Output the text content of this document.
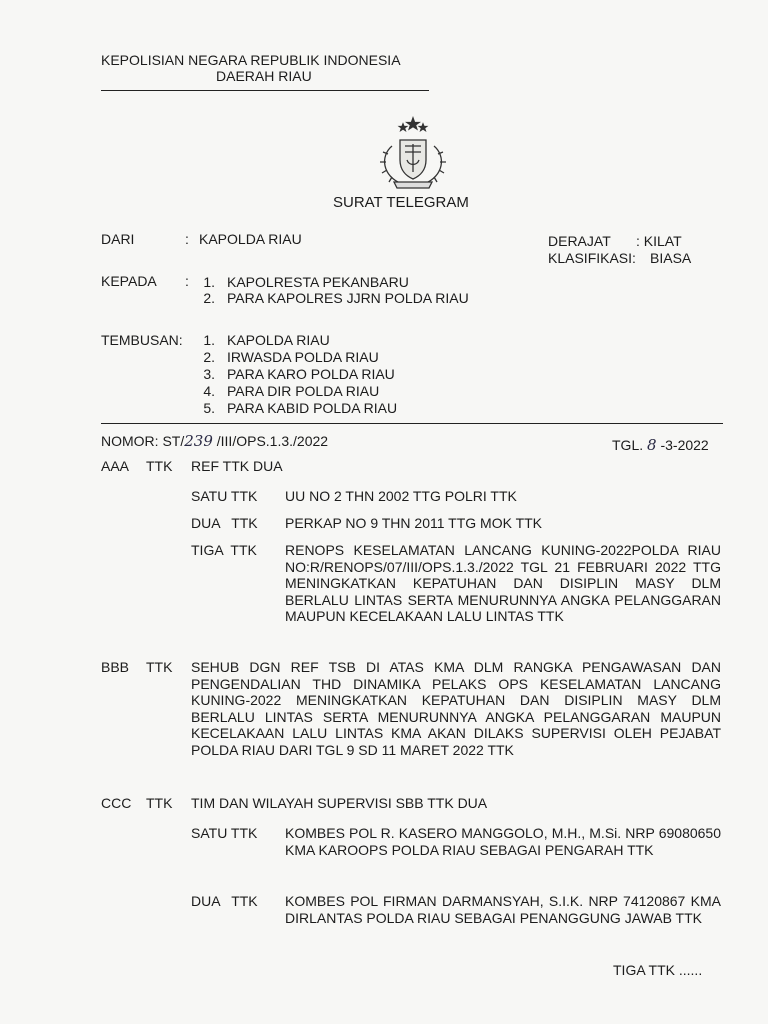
KEPOLISIAN NEGARA REPUBLIK INDONESIA
DAERAH RIAU
SURAT TELEGRAM
DARI	: KAPOLDA RIAU	DERAJAT : KILAT
KLASIFIKASI: BIASA
KEPADA :	1. KAPOLRESTA PEKANBARU
2. PARA KAPOLRES JJRN POLDA RIAU
TEMBUSAN:	1. KAPOLDA RIAU
2. IRWASDA POLDA RIAU
3. PARA KARO POLDA RIAU
4. PARA DIR POLDA RIAU
5. PARA KABID POLDA RIAU
NOMOR: ST/239 /III/OPS.1.3./2022	TGL. 8 -3-2022
AAA TTK REF TTK DUA
SATU TTK UU NO 2 THN 2002 TTG POLRI TTK
DUA   TTK PERKAP NO 9 THN 2011 TTG MOK TTK
TIGA  TTK RENOPS KESELAMATAN LANCANG KUNING-2022POLDA RIAU NO:R/RENOPS/07/III/OPS.1.3./2022 TGL 21 FEBRUARI 2022 TTG MENINGKATKAN KEPATUHAN DAN DISIPLIN MASY DLM BERLALU LINTAS SERTA MENURUNNYA ANGKA PELANGGARAN MAUPUN KECELAKAAN LALU LINTAS TTK
BBB TTK SEHUB DGN REF TSB DI ATAS KMA DLM RANGKA PENGAWASAN DAN PENGENDALIAN THD DINAMIKA PELAKS OPS KESELAMATAN LANCANG KUNING-2022 MENINGKATKAN KEPATUHAN DAN DISIPLIN MASY DLM BERLALU LINTAS SERTA MENURUNNYA ANGKA PELANGGARAN MAUPUN KECELAKAAN LALU LINTAS KMA AKAN DILAKS SUPERVISI OLEH PEJABAT POLDA RIAU DARI TGL 9 SD 11 MARET 2022 TTK
CCC TTK TIM DAN WILAYAH SUPERVISI SBB TTK DUA
SATU TTK KOMBES POL R. KASERO MANGGOLO, M.H., M.Si. NRP 69080650 KMA KAROOPS POLDA RIAU SEBAGAI PENGARAH TTK
DUA   TTK KOMBES POL FIRMAN DARMANSYAH, S.I.K. NRP 74120867 KMA DIRLANTAS POLDA RIAU SEBAGAI PENANGGUNG JAWAB TTK
TIGA TTK ......
